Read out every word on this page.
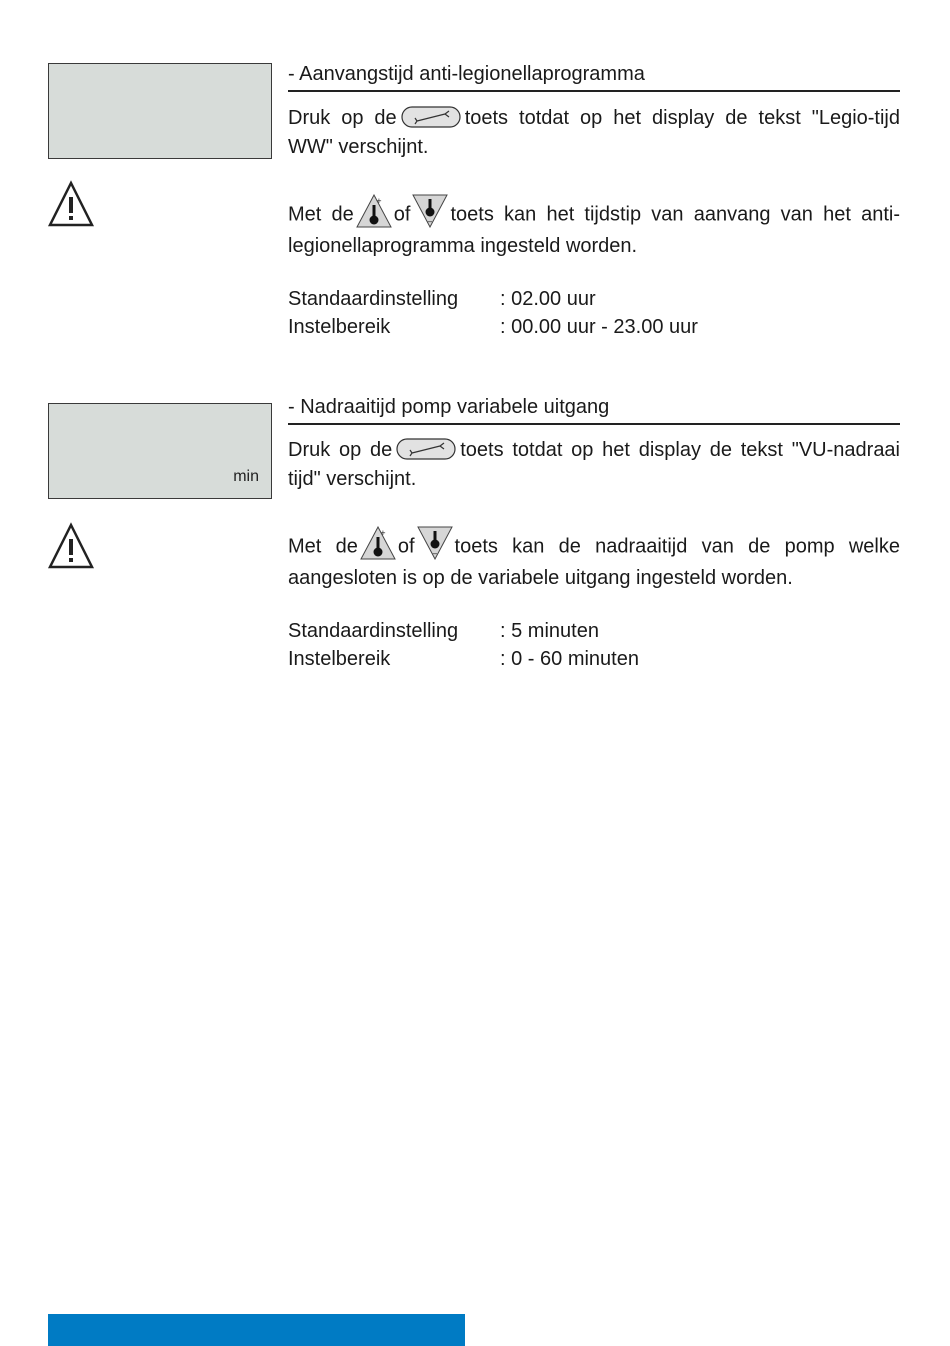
- Aanvangstijd anti-legionellaprogramma

Druk op de	toets totdat op het display de tekst "Legio-tijd WW" verschijnt.

Met de
+
of − toets kan het tijdstip van aanvang van het anti-legionellaprogramma ingesteld worden.

Standaardinstelling	: 02.00 uur
Instelbereik	: 00.00 uur - 23.00 uur
min
- Nadraaitijd pomp variabele uitgang

Druk op de	toets totdat op het display de tekst "VU-nadraai tijd" verschijnt.

Met de
+
of − toets kan de nadraaitijd van de pomp welke aangesloten is op de variabele uitgang ingesteld worden.

Standaardinstelling	: 5 minuten
Instelbereik	: 0 - 60 minuten
